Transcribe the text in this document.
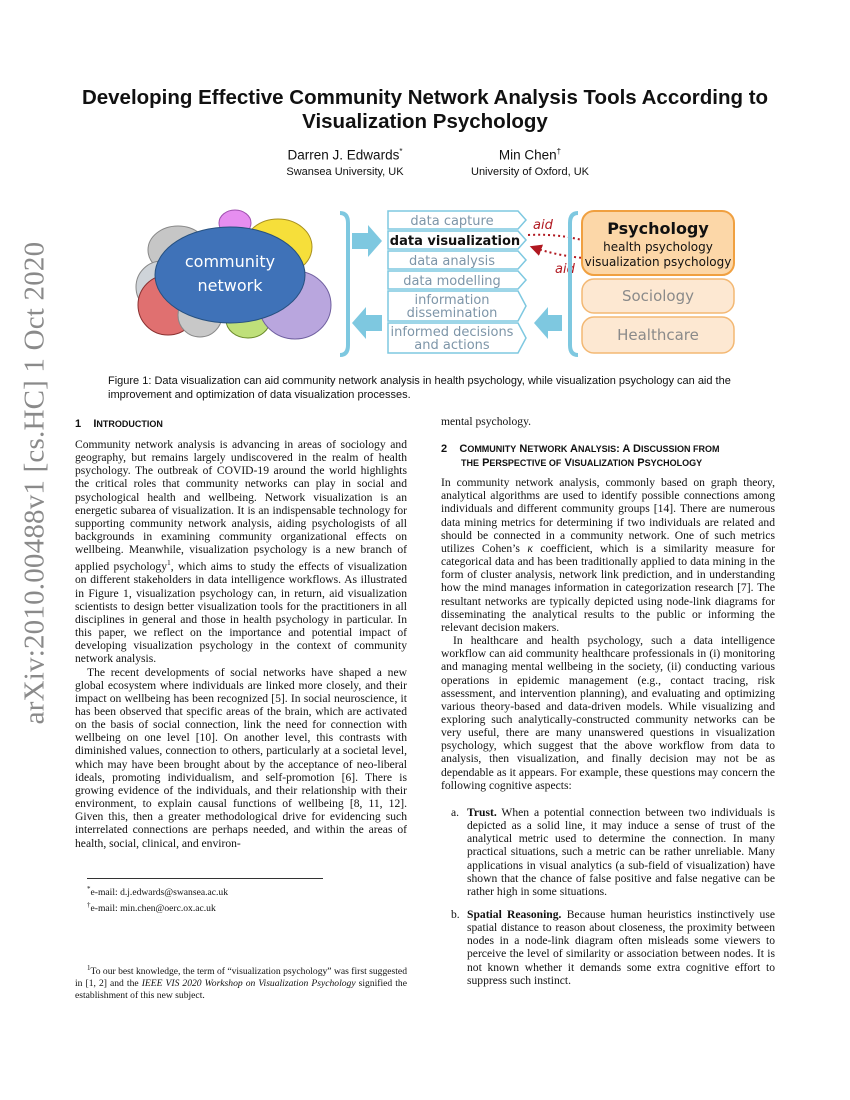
arXiv:2010.00488v1 [cs.HC] 1 Oct 2020
Developing Effective Community Network Analysis Tools According to
Visualization Psychology
Darren J. Edwards*
Swansea University, UK
Min Chen†
University of Oxford, UK
community
network
data capture
data visualization
data analysis
data modelling
information
dissemination
informed decisions
and actions
aid
aid
Psychology
health psychology
visualization psychology
Sociology
Healthcare
Figure 1: Data visualization can aid community network analysis in health psychology, while visualization psychology can aid the improvement and optimization of data visualization processes.
1 INTRODUCTION

Community network analysis is advancing in areas of sociology and geography, but remains largely undiscovered in the realm of health psychology. The outbreak of COVID-19 around the world highlights the critical roles that community networks can play in social and psychological health and wellbeing. Network visualization is an energetic subarea of visualization. It is an indispensable technology for supporting community network analysis, aiding psychologists of all backgrounds in examining community organizational effects on wellbeing. Meanwhile, visualization psychology is a new branch of applied psychology$^1$, which aims to study the effects of visualization on different stakeholders in data intelligence workflows. As illustrated in Figure 1, visualization psychology can, in return, aid visualization scientists to design better visualization tools for the practitioners in all disciplines in general and those in health psychology in particular. In this paper, we reflect on the importance and potential impact of developing visualization psychology in the context of community network analysis.

The recent developments of social networks have shaped a new global ecosystem where individuals are linked more closely, and their impact on wellbeing has been recognized [5]. In social neuroscience, it has been observed that specific areas of the brain, which are activated on the basis of social connection, link the need for connection with wellbeing on one level [10]. On another level, this contrasts with diminished values, connection to others, particularly at a societal level, which may have been brought about by the acceptance of neo-liberal ideals, promoting individualism, and self-promotion [6]. There is growing evidence of the individuals, and their relationship with their environment, to explain causal functions of wellbeing [8, 11, 12]. Given this, then a greater methodological drive for evidencing such interrelated connections are perhaps needed, and within the areas of health, social, clinical, and environ-

*e-mail: d.j.edwards@swansea.ac.uk
†e-mail: min.chen@oerc.ox.ac.uk
$^1$To our best knowledge, the term of “visualization psychology” was first suggested in [1, 2] and the IEEE VIS 2020 Workshop on Visualization Psychology signified the establishment of this new subject.

mental psychology.

2 COMMUNITY NETWORK ANALYSIS: A DISCUSSION FROM
THE PERSPECTIVE OF VISUALIZATION PSYCHOLOGY

In community network analysis, commonly based on graph theory, analytical algorithms are used to identify possible connections among individuals and different community groups [14]. There are numerous data mining metrics for determining if two individuals are related and should be connected in a community network. One of such metrics utilizes Cohen’s κ coefficient, which is a similarity measure for categorical data and has been traditionally applied to data mining in the form of cluster analysis, network link prediction, and in understanding how the mind manages information in categorization research [7]. The resultant networks are typically depicted using node-link diagrams for disseminating the analytical results to the public or informing the relevant decision makers.

In healthcare and health psychology, such a data intelligence workflow can aid community healthcare professionals in (i) monitoring and managing mental wellbeing in the society, (ii) conducting various operations in epidemic management (e.g., contact tracing, risk assessment, and intervention planning), and evaluating and optimizing various theory-based and data-driven models. While visualizing and exploring such analytically-constructed community networks can be very useful, there are many unanswered questions in visualization psychology, which suggest that the above workflow from data to analysis, then visualization, and finally decision may not be as dependable as it appears. For example, these questions may concern the following cognitive aspects:

a. Trust. When a potential connection between two individuals is depicted as a solid line, it may induce a sense of trust of the analytical metric used to determine the connection. In many practical situations, such a metric can be rather unreliable. Many applications in visual analytics (a sub-field of visualization) have shown that the chance of false positive and false negative can be rather high in some situations.
b. Spatial Reasoning. Because human heuristics instinctively use spatial distance to reason about closeness, the proximity between nodes in a node-link diagram often misleads some viewers to perceive the level of similarity or association between nodes. It is not known whether it demands some extra cognitive effort to suppress such instinct.
